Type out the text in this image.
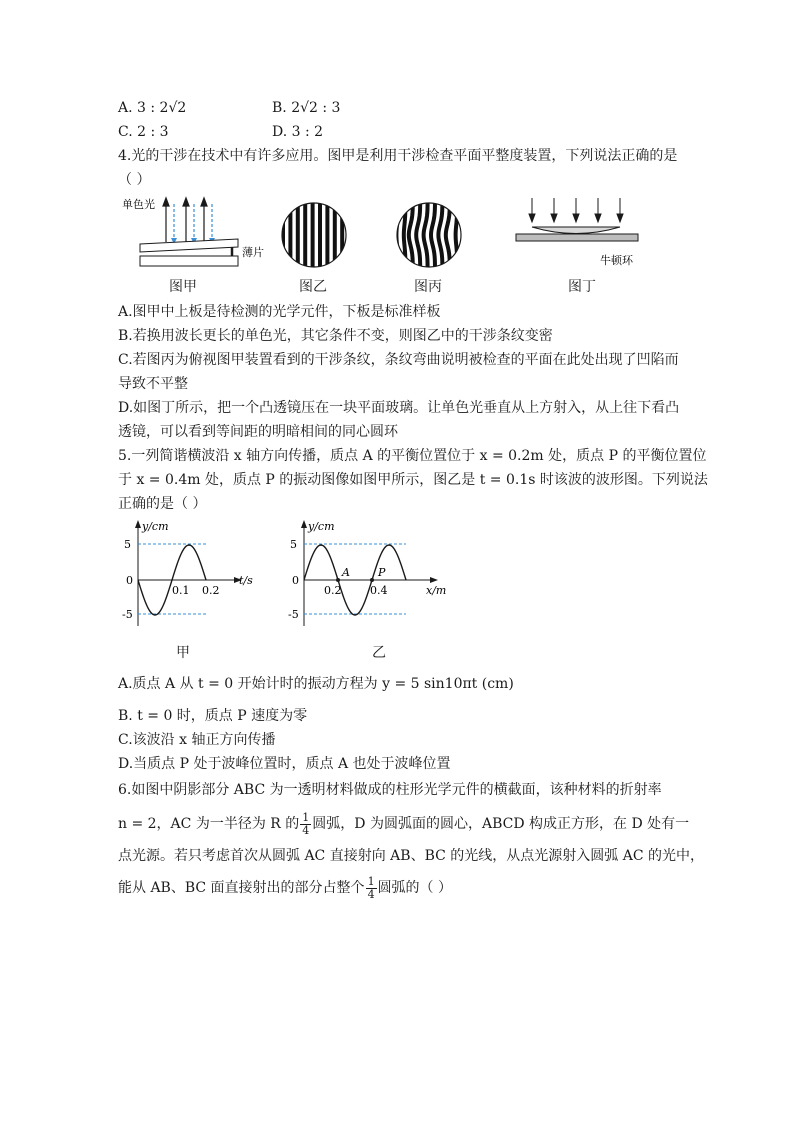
A. 3 : 2√2	B. 2√2 : 3
C. 2 : 3	D. 3 : 2
4.光的干涉在技术中有许多应用。图甲是利用干涉检查平面平整度装置，下列说法正确的是
（ ）
单色光
薄片
图甲	图乙	图丙
牛顿环
图丁
A.图甲中上板是待检测的光学元件，下板是标准样板
B.若换用波长更长的单色光，其它条件不变，则图乙中的干涉条纹变密
C.若图丙为俯视图甲装置看到的干涉条纹，条纹弯曲说明被检查的平面在此处出现了凹陷而
导致不平整
D.如图丁所示，把一个凸透镜压在一块平面玻璃。让单色光垂直从上方射入，从上往下看凸
透镜，可以看到等间距的明暗相间的同心圆环
5.一列简谐横波沿 x 轴方向传播，质点 A 的平衡位置位于 x = 0.2m 处，质点 P 的平衡位置位
于 x = 0.4m 处，质点 P 的振动图像如图甲所示，图乙是 t = 0.1s 时该波的波形图。下列说法
正确的是（ ）
y/cm
5
0
-5
0.1 0.2
t/s
甲
y/cm
5
0
-5
0.2	0.4
A	P
x/m
乙
A.质点 A 从 t = 0 开始计时的振动方程为 y = 5 sin10πt (cm)
B. t = 0 时，质点 P 速度为零
C.该波沿 x 轴正方向传播
D.当质点 P 处于波峰位置时，质点 A 也处于波峰位置
6.如图中阴影部分 ABC 为一透明材料做成的柱形光学元件的横截面，该种材料的折射率
n = 2，AC 为一半径为 R 的 $\frac{1}{4}$ 圆弧，D 为圆弧面的圆心，ABCD 构成正方形，在 D 处有一
点光源。若只考虑首次从圆弧 AC 直接射向 AB、BC 的光线，从点光源射入圆弧 AC 的光中，
能从 AB、BC 面直接射出的部分占整个 $\frac{1}{4}$ 圆弧的（ ）
